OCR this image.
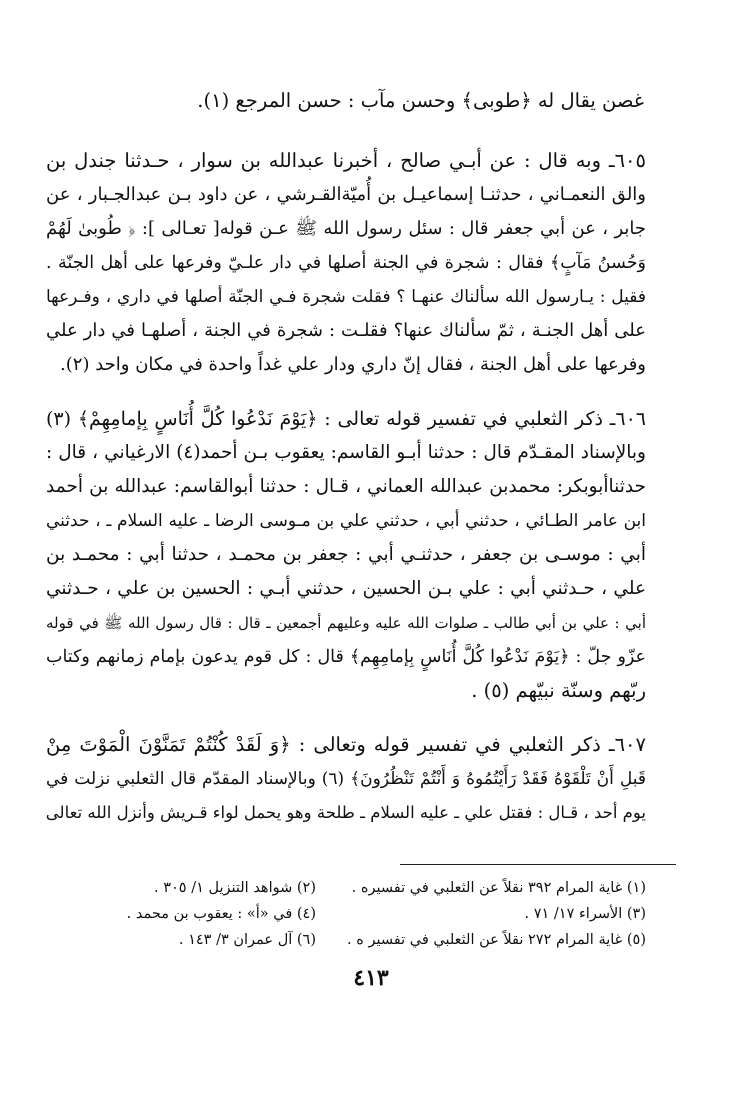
غصن يقال له ﴿طوبى﴾ وحسن مآب : حسن المرجع (١).
٦٠٥ـ وبه قال : عن أبـي صالح ، أخبرنا عبدالله بن سوار ، حـدثنا جندل بن
والق النعمـاني ، حدثنـا إسماعيـل بن أُميّةالقـرشي ، عن داود بـن عبدالجـبار ، عن
جابر ، عن أبي جعفر قال : سئل رسول الله ﷺ عـن قوله[ تعـالى ]: ﴿ طُوبىٰ لَهُمْ
وَحُسنُ مَآبٍ﴾ فقال : شجرة في الجنة أصلها في دار علـيّ وفرعها على أهل الجنّة .
فقيل : يـارسول الله سألناك عنهـا ؟ فقلت شجرة فـي الجنّة أصلها في داري ، وفـرعها
على أهل الجنـة ، ثمّ سألناك عنها؟ فقلـت : شجرة في الجنة ، أصلهـا في دار علي
وفرعها على أهل الجنة ، فقال إنّ داري ودار علي غداً واحدة في مكان واحد (٢).
٦٠٦ـ ذكر الثعلبي في تفسير قوله تعالى : ﴿يَوْمَ نَدْعُوا كُلَّ أُنَاسٍ بِإمامِهِمْ﴾ (٣)
وبالإسناد المقـدّم قال : حدثنا أبـو القاسم: يعقوب بـن أحمد(٤) الارغياني ، قال :
حدثناأبوبكر: محمدبن عبدالله العماني ، قـال : حدثنا أبوالقاسم: عبدالله بن أحمد
ابن عامر الطـائي ، حدثني أبي ، حدثني علي بن مـوسى الرضا ـ عليه السلام ـ ، حدثني
أبي : موسـى بن جعفر ، حدثنـي أبي : جعفر بن محمـد ، حدثنا أبي : محمـد بن
علي ، حـدثني أبي : علي بـن الحسين ، حدثني أبـي : الحسين بن علي ، حـدثني
أبي : علي بن أبي طالب ـ صلوات الله عليه وعليهم أجمعين ـ قال : قال رسول الله ﷺ في قوله
عزّو جلّ : ﴿يَوْمَ نَدْعُوا كُلَّ أُنَاسٍ بِإمامِهِم﴾ قال : كل قوم يدعون بإمام زمانهم وكتاب
ربّهم وسنّة نبيّهم (٥) .
٦٠٧ـ ذكر الثعلبي في تفسير قوله وتعالى : ﴿وَ لَقَدْ كُنْتُمْ تَمَنَّوْنَ الْمَوْتَ مِنْ
قَبلِ أَنْ تَلْقَوْهُ فَقَدْ رَأَيْتُمُوهُ وَ أَنْتُمْ تَنْظُرُونَ﴾ (٦) وبالإسناد المقدّم قال الثعلبي نزلت في
يوم أحد ، قـال : فقتل علي ـ عليه السلام ـ طلحة وهو يحمل لواء قـريش وأنزل الله تعالى
(١) غاية المرام ٣٩٢ نقلاً عن الثعلبي في تفسيره .
(٢) شواهد التنزيل ١/ ٣٠٥ .
(٣) الأسراء ١٧/ ٧١ .
(٤) في «أ» : يعقوب بن محمد .
(٥) غاية المرام ٢٧٢ نقلاً عن الثعلبي في تفسير ه .
(٦) آل عمران ٣/ ١٤٣ .
٤١٣
